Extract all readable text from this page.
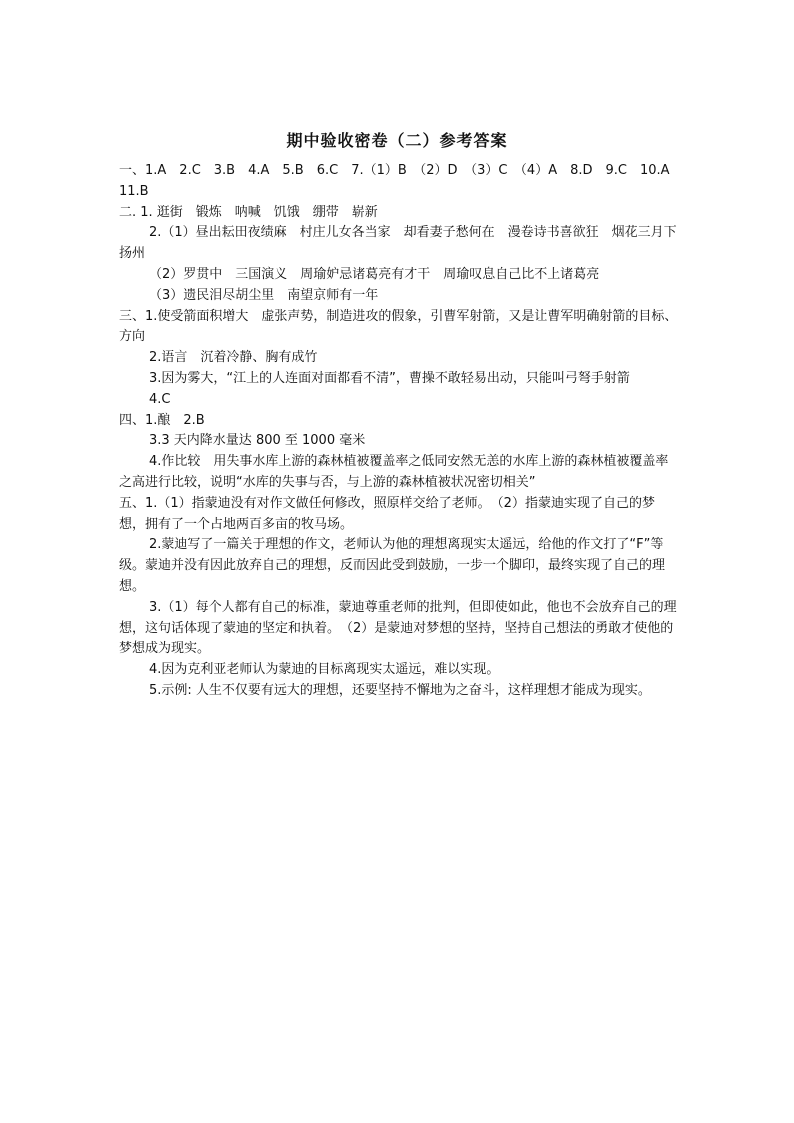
期中验收密卷（二）参考答案

一、1.A　2.C　3.B　4.A　5.B　6.C　7.（1）B　（2）D　（3）C　（4）A　8.D　9.C　10.A　11.B

二. 1. 逛街　锻炼　呐喊　饥饿　绷带　崭新

2.（1）昼出耘田夜绩麻　村庄儿女各当家　却看妻子愁何在　漫卷诗书喜欲狂　烟花三月下扬州

（2）罗贯中　三国演义　周瑜妒忌诸葛亮有才干　周瑜叹息自己比不上诸葛亮

（3）遗民泪尽胡尘里　南望京师有一年

三、1.使受箭面积增大　虚张声势，制造进攻的假象，引曹军射箭，又是让曹军明确射箭的目标、方向

2.语言　沉着冷静、胸有成竹

3.因为雾大，“江上的人连面对面都看不清”，曹操不敢轻易出动，只能叫弓弩手射箭

4.C

四、1.酿　2.B

3.3 天内降水量达 800 至 1000 毫米

4.作比较　用失事水库上游的森林植被覆盖率之低同安然无恙的水库上游的森林植被覆盖率之高进行比较，说明“水库的失事与否，与上游的森林植被状况密切相关”

五、1.（1）指蒙迪没有对作文做任何修改，照原样交给了老师。　（2）指蒙迪实现了自己的梦想，拥有了一个占地两百多亩的牧马场。

2.蒙迪写了一篇关于理想的作文，老师认为他的理想离现实太遥远，给他的作文打了“F”等级。蒙迪并没有因此放弃自己的理想，反而因此受到鼓励，一步一个脚印，最终实现了自己的理想。

3.（1）每个人都有自己的标准，蒙迪尊重老师的批判，但即使如此，他也不会放弃自己的理想，这句话体现了蒙迪的坚定和执着。　（2）是蒙迪对梦想的坚持，坚持自己想法的勇敢才使他的梦想成为现实。

4.因为克利亚老师认为蒙迪的目标离现实太遥远，难以实现。

5.示例: 人生不仅要有远大的理想，还要坚持不懈地为之奋斗，这样理想才能成为现实。
